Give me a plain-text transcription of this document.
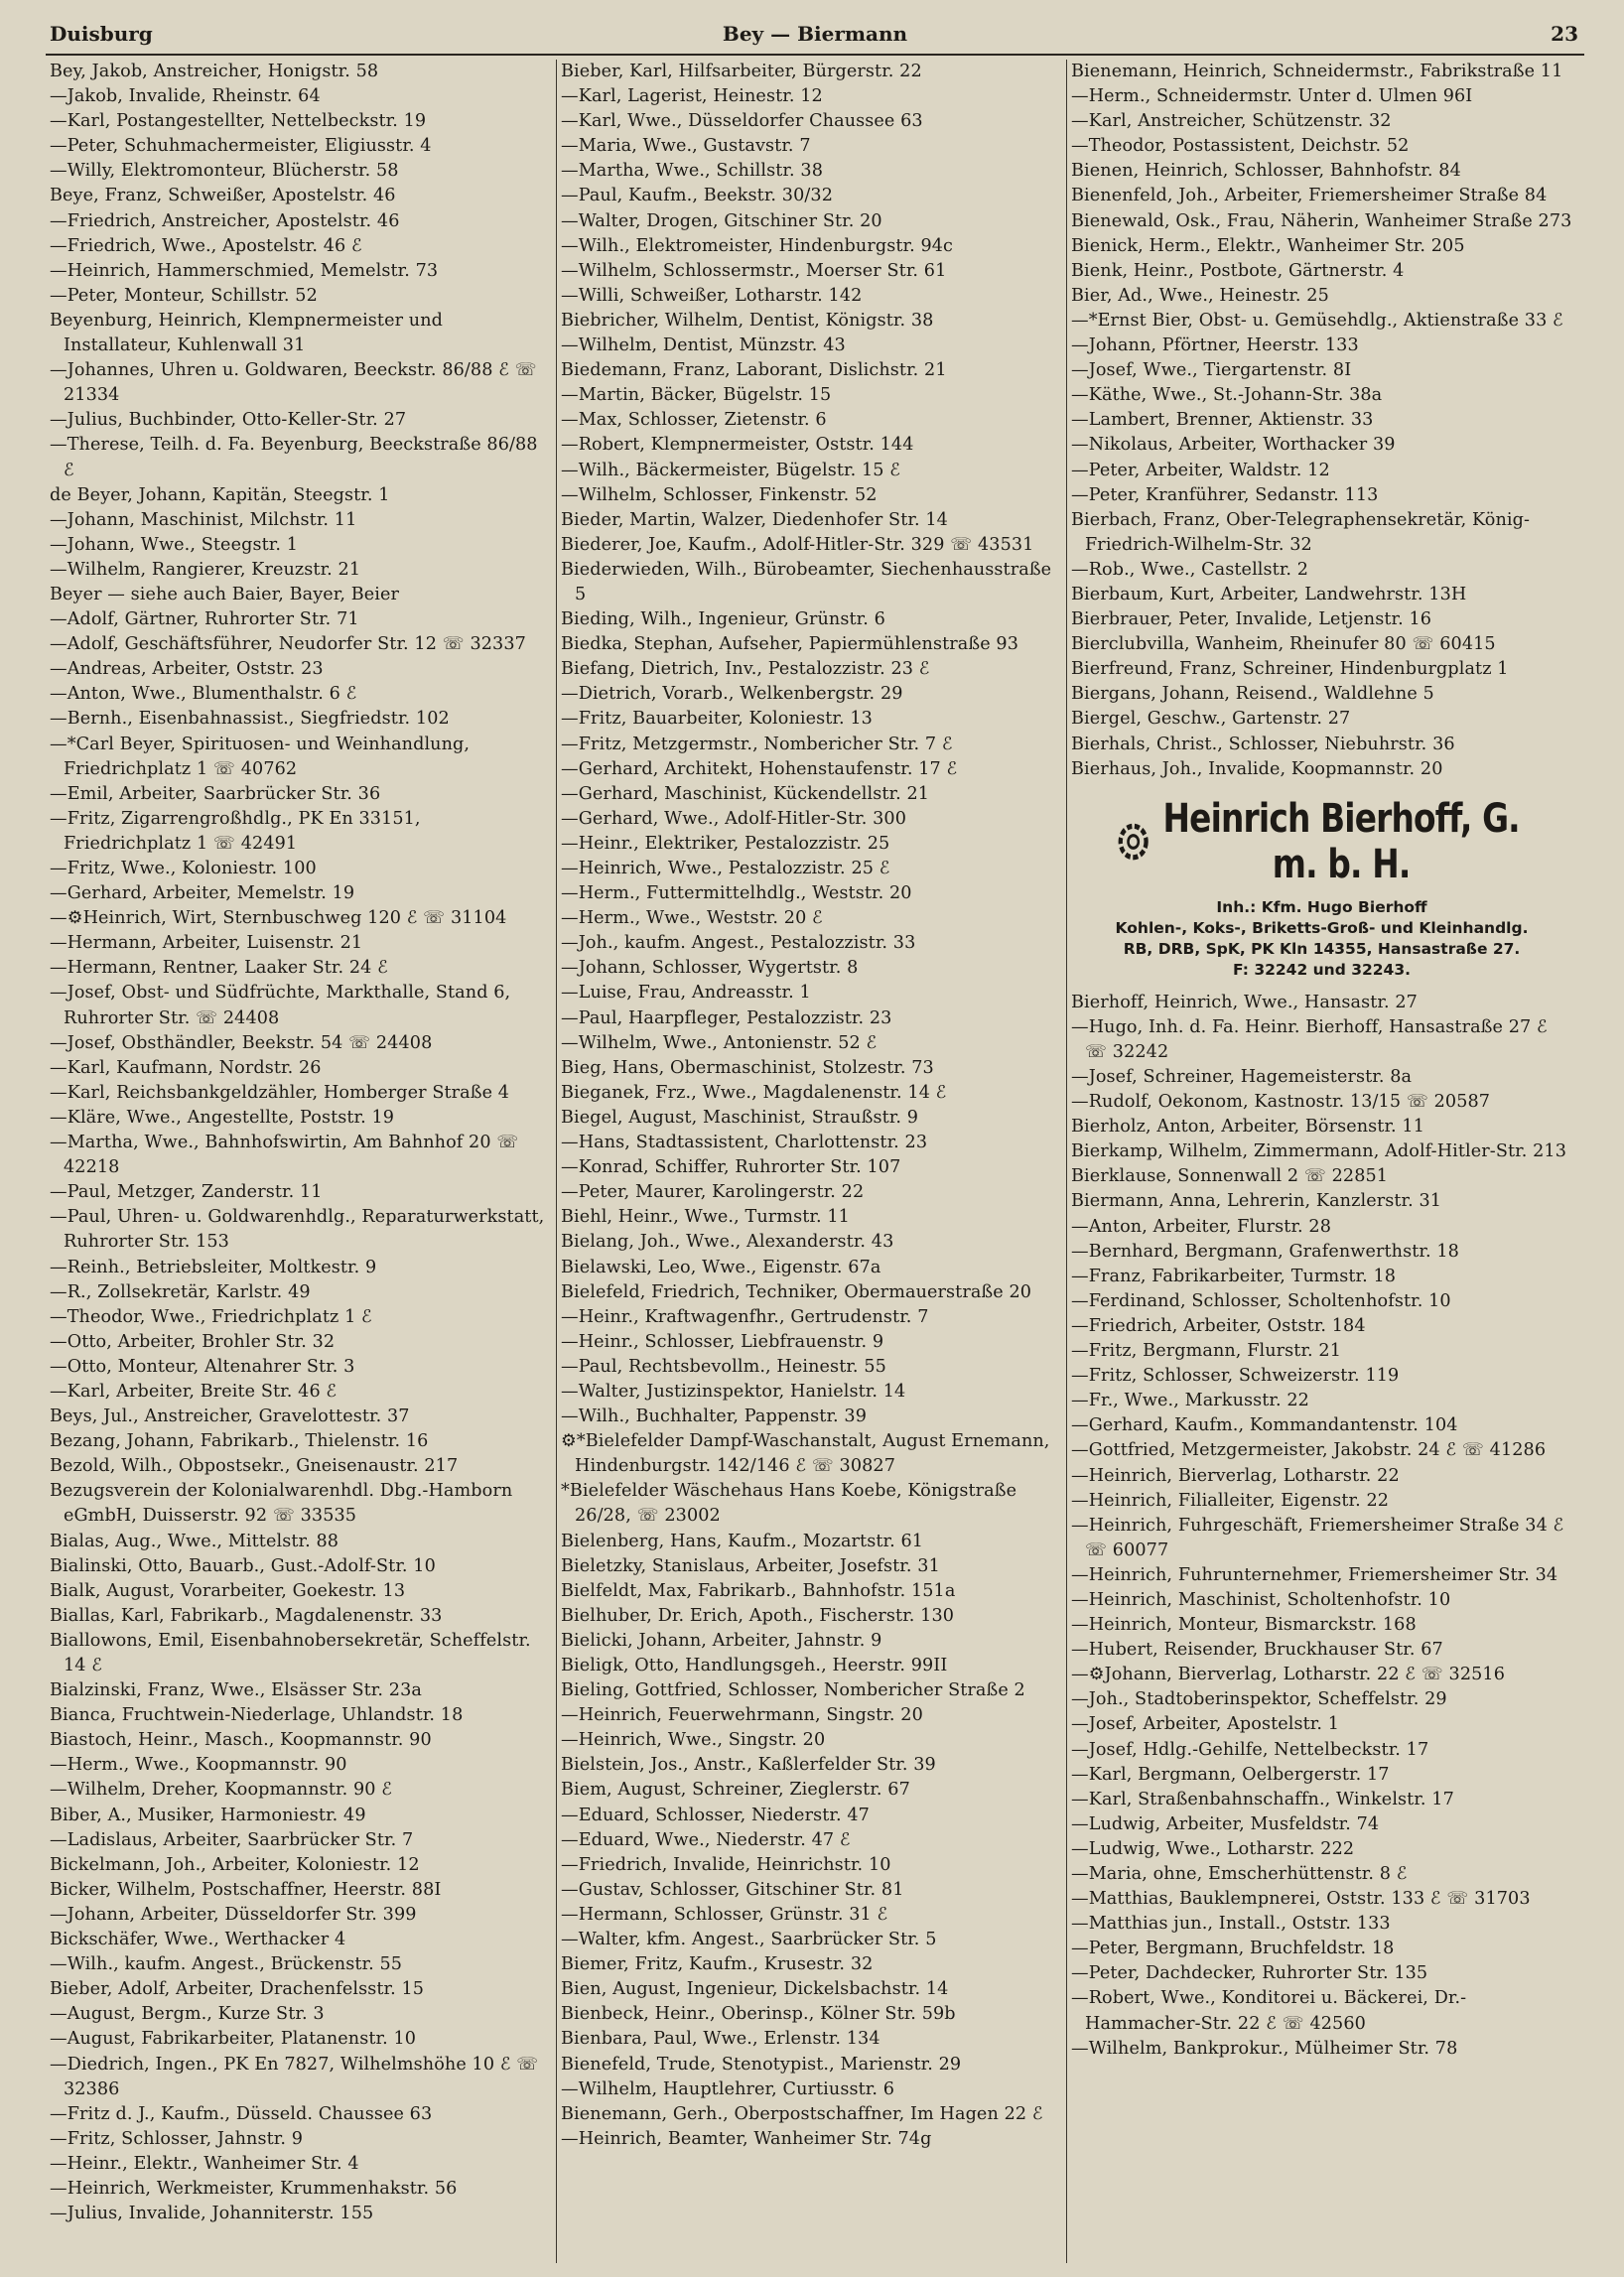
Duisburg	Bey — Biermann	23
Bey, Jakob, Anstreicher, Honigstr. 58
—Jakob, Invalide, Rheinstr. 64
—Karl, Postangestellter, Nettelbeckstr. 19
—Peter, Schuhmachermeister, Eligiusstr. 4
—Willy, Elektromonteur, Blücherstr. 58
Beye, Franz, Schweißer, Apostelstr. 46
—Friedrich, Anstreicher, Apostelstr. 46
—Friedrich, Wwe., Apostelstr. 46 ℰ
—Heinrich, Hammerschmied, Memelstr. 73
—Peter, Monteur, Schillstr. 52
Beyenburg, Heinrich, Klempnermeister und Installateur, Kuhlenwall 31
—Johannes, Uhren u. Goldwaren, Beeckstr. 86/88 ℰ ☏ 21334
—Julius, Buchbinder, Otto-Keller-Str. 27
—Therese, Teilh. d. Fa. Beyenburg, Beeckstraße 86/88 ℰ
de Beyer, Johann, Kapitän, Steegstr. 1
—Johann, Maschinist, Milchstr. 11
—Johann, Wwe., Steegstr. 1
—Wilhelm, Rangierer, Kreuzstr. 21
Beyer — siehe auch Baier, Bayer, Beier
—Adolf, Gärtner, Ruhrorter Str. 71
—Adolf, Geschäftsführer, Neudorfer Str. 12 ☏ 32337
—Andreas, Arbeiter, Oststr. 23
—Anton, Wwe., Blumenthalstr. 6 ℰ
—Bernh., Eisenbahnassist., Siegfriedstr. 102
—*Carl Beyer, Spirituosen- und Weinhandlung, Friedrichplatz 1 ☏ 40762
—Emil, Arbeiter, Saarbrücker Str. 36
—Fritz, Zigarrengroßhdlg., PK En 33151, Friedrichplatz 1 ☏ 42491
—Fritz, Wwe., Koloniestr. 100
—Gerhard, Arbeiter, Memelstr. 19
—⚙Heinrich, Wirt, Sternbuschweg 120 ℰ ☏ 31104
—Hermann, Arbeiter, Luisenstr. 21
—Hermann, Rentner, Laaker Str. 24 ℰ
—Josef, Obst- und Südfrüchte, Markthalle, Stand 6, Ruhrorter Str. ☏ 24408
—Josef, Obsthändler, Beekstr. 54 ☏ 24408
—Karl, Kaufmann, Nordstr. 26
—Karl, Reichsbankgeldzähler, Homberger Straße 4
—Kläre, Wwe., Angestellte, Poststr. 19
—Martha, Wwe., Bahnhofswirtin, Am Bahnhof 20 ☏ 42218
—Paul, Metzger, Zanderstr. 11
—Paul, Uhren- u. Goldwarenhdlg., Reparaturwerkstatt, Ruhrorter Str. 153
—Reinh., Betriebsleiter, Moltkestr. 9
—R., Zollsekretär, Karlstr. 49
—Theodor, Wwe., Friedrichplatz 1 ℰ
—Otto, Arbeiter, Brohler Str. 32
—Otto, Monteur, Altenahrer Str. 3
—Karl, Arbeiter, Breite Str. 46 ℰ
Beys, Jul., Anstreicher, Gravelottestr. 37
Bezang, Johann, Fabrikarb., Thielenstr. 16
Bezold, Wilh., Obpostsekr., Gneisenaustr. 217
Bezugsverein der Kolonialwarenhdl. Dbg.-Hamborn eGmbH, Duisserstr. 92 ☏ 33535
Bialas, Aug., Wwe., Mittelstr. 88
Bialinski, Otto, Bauarb., Gust.-Adolf-Str. 10
Bialk, August, Vorarbeiter, Goekestr. 13
Biallas, Karl, Fabrikarb., Magdalenenstr. 33
Biallowons, Emil, Eisenbahnobersekretär, Scheffelstr. 14 ℰ
Bialzinski, Franz, Wwe., Elsässer Str. 23a
Bianca, Fruchtwein-Niederlage, Uhlandstr. 18
Biastoch, Heinr., Masch., Koopmannstr. 90
—Herm., Wwe., Koopmannstr. 90
—Wilhelm, Dreher, Koopmannstr. 90 ℰ
Biber, A., Musiker, Harmoniestr. 49
—Ladislaus, Arbeiter, Saarbrücker Str. 7
Bickelmann, Joh., Arbeiter, Koloniestr. 12
Bicker, Wilhelm, Postschaffner, Heerstr. 88I
—Johann, Arbeiter, Düsseldorfer Str. 399
Bickschäfer, Wwe., Werthacker 4
—Wilh., kaufm. Angest., Brückenstr. 55
Bieber, Adolf, Arbeiter, Drachenfelsstr. 15
—August, Bergm., Kurze Str. 3
—August, Fabrikarbeiter, Platanenstr. 10
—Diedrich, Ingen., PK En 7827, Wilhelmshöhe 10 ℰ ☏ 32386
—Fritz d. J., Kaufm., Düsseld. Chaussee 63
—Fritz, Schlosser, Jahnstr. 9
—Heinr., Elektr., Wanheimer Str. 4
—Heinrich, Werkmeister, Krummenhakstr. 56
—Julius, Invalide, Johanniterstr. 155
Bieber, Karl, Hilfsarbeiter, Bürgerstr. 22
—Karl, Lagerist, Heinestr. 12
—Karl, Wwe., Düsseldorfer Chaussee 63
—Maria, Wwe., Gustavstr. 7
—Martha, Wwe., Schillstr. 38
—Paul, Kaufm., Beekstr. 30/32
—Walter, Drogen, Gitschiner Str. 20
—Wilh., Elektromeister, Hindenburgstr. 94c
—Wilhelm, Schlossermstr., Moerser Str. 61
—Willi, Schweißer, Lotharstr. 142
Biebricher, Wilhelm, Dentist, Königstr. 38
—Wilhelm, Dentist, Münzstr. 43
Biedemann, Franz, Laborant, Dislichstr. 21
—Martin, Bäcker, Bügelstr. 15
—Max, Schlosser, Zietenstr. 6
—Robert, Klempnermeister, Oststr. 144
—Wilh., Bäckermeister, Bügelstr. 15 ℰ
—Wilhelm, Schlosser, Finkenstr. 52
Bieder, Martin, Walzer, Diedenhofer Str. 14
Biederer, Joe, Kaufm., Adolf-Hitler-Str. 329 ☏ 43531
Biederwieden, Wilh., Bürobeamter, Siechenhausstraße 5
Bieding, Wilh., Ingenieur, Grünstr. 6
Biedka, Stephan, Aufseher, Papiermühlenstraße 93
Biefang, Dietrich, Inv., Pestalozzistr. 23 ℰ
—Dietrich, Vorarb., Welkenbergstr. 29
—Fritz, Bauarbeiter, Koloniestr. 13
—Fritz, Metzgermstr., Nombericher Str. 7 ℰ
—Gerhard, Architekt, Hohenstaufenstr. 17 ℰ
—Gerhard, Maschinist, Kückendellstr. 21
—Gerhard, Wwe., Adolf-Hitler-Str. 300
—Heinr., Elektriker, Pestalozzistr. 25
—Heinrich, Wwe., Pestalozzistr. 25 ℰ
—Herm., Futtermittelhdlg., Weststr. 20
—Herm., Wwe., Weststr. 20 ℰ
—Joh., kaufm. Angest., Pestalozzistr. 33
—Johann, Schlosser, Wygertstr. 8
—Luise, Frau, Andreasstr. 1
—Paul, Haarpfleger, Pestalozzistr. 23
—Wilhelm, Wwe., Antonienstr. 52 ℰ
Bieg, Hans, Obermaschinist, Stolzestr. 73
Bieganek, Frz., Wwe., Magdalenenstr. 14 ℰ
Biegel, August, Maschinist, Straußstr. 9
—Hans, Stadtassistent, Charlottenstr. 23
—Konrad, Schiffer, Ruhrorter Str. 107
—Peter, Maurer, Karolingerstr. 22
Biehl, Heinr., Wwe., Turmstr. 11
Bielang, Joh., Wwe., Alexanderstr. 43
Bielawski, Leo, Wwe., Eigenstr. 67a
Bielefeld, Friedrich, Techniker, Obermauerstraße 20
—Heinr., Kraftwagenfhr., Gertrudenstr. 7
—Heinr., Schlosser, Liebfrauenstr. 9
—Paul, Rechtsbevollm., Heinestr. 55
—Walter, Justizinspektor, Hanielstr. 14
—Wilh., Buchhalter, Pappenstr. 39
⚙*Bielefelder Dampf-Waschanstalt, August Ernemann, Hindenburgstr. 142/146 ℰ ☏ 30827
*Bielefelder Wäschehaus Hans Koebe, Königstraße 26/28, ☏ 23002
Bielenberg, Hans, Kaufm., Mozartstr. 61
Bieletzky, Stanislaus, Arbeiter, Josefstr. 31
Bielfeldt, Max, Fabrikarb., Bahnhofstr. 151a
Bielhuber, Dr. Erich, Apoth., Fischerstr. 130
Bielicki, Johann, Arbeiter, Jahnstr. 9
Bieligk, Otto, Handlungsgeh., Heerstr. 99II
Bieling, Gottfried, Schlosser, Nombericher Straße 2
—Heinrich, Feuerwehrmann, Singstr. 20
—Heinrich, Wwe., Singstr. 20
Bielstein, Jos., Anstr., Kaßlerfelder Str. 39
Biem, August, Schreiner, Zieglerstr. 67
—Eduard, Schlosser, Niederstr. 47
—Eduard, Wwe., Niederstr. 47 ℰ
—Friedrich, Invalide, Heinrichstr. 10
—Gustav, Schlosser, Gitschiner Str. 81
—Hermann, Schlosser, Grünstr. 31 ℰ
—Walter, kfm. Angest., Saarbrücker Str. 5
Biemer, Fritz, Kaufm., Krusestr. 32
Bien, August, Ingenieur, Dickelsbachstr. 14
Bienbeck, Heinr., Oberinsp., Kölner Str. 59b
Bienbara, Paul, Wwe., Erlenstr. 134
Bienefeld, Trude, Stenotypist., Marienstr. 29
—Wilhelm, Hauptlehrer, Curtiusstr. 6
Bienemann, Gerh., Oberpostschaffner, Im Hagen 22 ℰ
—Heinrich, Beamter, Wanheimer Str. 74g
Bienemann, Heinrich, Schneidermstr., Fabrikstraße 11
—Herm., Schneidermstr. Unter d. Ulmen 96I
—Karl, Anstreicher, Schützenstr. 32
—Theodor, Postassistent, Deichstr. 52
Bienen, Heinrich, Schlosser, Bahnhofstr. 84
Bienenfeld, Joh., Arbeiter, Friemersheimer Straße 84
Bienewald, Osk., Frau, Näherin, Wanheimer Straße 273
Bienick, Herm., Elektr., Wanheimer Str. 205
Bienk, Heinr., Postbote, Gärtnerstr. 4
Bier, Ad., Wwe., Heinestr. 25
—*Ernst Bier, Obst- u. Gemüsehdlg., Aktienstraße 33 ℰ
—Johann, Pförtner, Heerstr. 133
—Josef, Wwe., Tiergartenstr. 8I
—Käthe, Wwe., St.-Johann-Str. 38a
—Lambert, Brenner, Aktienstr. 33
—Nikolaus, Arbeiter, Worthacker 39
—Peter, Arbeiter, Waldstr. 12
—Peter, Kranführer, Sedanstr. 113
Bierbach, Franz, Ober-Telegraphensekretär, König-Friedrich-Wilhelm-Str. 32
—Rob., Wwe., Castellstr. 2
Bierbaum, Kurt, Arbeiter, Landwehrstr. 13H
Bierbrauer, Peter, Invalide, Letjenstr. 16
Bierclubvilla, Wanheim, Rheinufer 80 ☏ 60415
Bierfreund, Franz, Schreiner, Hindenburgplatz 1
Biergans, Johann, Reisend., Waldlehne 5
Biergel, Geschw., Gartenstr. 27
Bierhals, Christ., Schlosser, Niebuhrstr. 36
Bierhaus, Joh., Invalide, Koopmannstr. 20
Heinrich Bierhoff, G. m. b. H.
Inh.: Kfm. Hugo Bierhoff
Kohlen-, Koks-, Briketts-Groß- und Kleinhandlg.
RB, DRB, SpK, PK Kln 14355, Hansastraße 27.
F: 32242 und 32243.
Bierhoff, Heinrich, Wwe., Hansastr. 27
—Hugo, Inh. d. Fa. Heinr. Bierhoff, Hansastraße 27 ℰ ☏ 32242
—Josef, Schreiner, Hagemeisterstr. 8a
—Rudolf, Oekonom, Kastnostr. 13/15 ☏ 20587
Bierholz, Anton, Arbeiter, Börsenstr. 11
Bierkamp, Wilhelm, Zimmermann, Adolf-Hitler-Str. 213
Bierklause, Sonnenwall 2 ☏ 22851
Biermann, Anna, Lehrerin, Kanzlerstr. 31
—Anton, Arbeiter, Flurstr. 28
—Bernhard, Bergmann, Grafenwerthstr. 18
—Franz, Fabrikarbeiter, Turmstr. 18
—Ferdinand, Schlosser, Scholtenhofstr. 10
—Friedrich, Arbeiter, Oststr. 184
—Fritz, Bergmann, Flurstr. 21
—Fritz, Schlosser, Schweizerstr. 119
—Fr., Wwe., Markusstr. 22
—Gerhard, Kaufm., Kommandantenstr. 104
—Gottfried, Metzgermeister, Jakobstr. 24 ℰ ☏ 41286
—Heinrich, Bierverlag, Lotharstr. 22
—Heinrich, Filialleiter, Eigenstr. 22
—Heinrich, Fuhrgeschäft, Friemersheimer Straße 34 ℰ ☏ 60077
—Heinrich, Fuhrunternehmer, Friemersheimer Str. 34
—Heinrich, Maschinist, Scholtenhofstr. 10
—Heinrich, Monteur, Bismarckstr. 168
—Hubert, Reisender, Bruckhauser Str. 67
—⚙Johann, Bierverlag, Lotharstr. 22 ℰ ☏ 32516
—Joh., Stadtoberinspektor, Scheffelstr. 29
—Josef, Arbeiter, Apostelstr. 1
—Josef, Hdlg.-Gehilfe, Nettelbeckstr. 17
—Karl, Bergmann, Oelbergerstr. 17
—Karl, Straßenbahnschaffn., Winkelstr. 17
—Ludwig, Arbeiter, Musfeldstr. 74
—Ludwig, Wwe., Lotharstr. 222
—Maria, ohne, Emscherhüttenstr. 8 ℰ
—Matthias, Bauklempnerei, Oststr. 133 ℰ ☏ 31703
—Matthias jun., Install., Oststr. 133
—Peter, Bergmann, Bruchfeldstr. 18
—Peter, Dachdecker, Ruhrorter Str. 135
—Robert, Wwe., Konditorei u. Bäckerei, Dr.-Hammacher-Str. 22 ℰ ☏ 42560
—Wilhelm, Bankprokur., Mülheimer Str. 78
